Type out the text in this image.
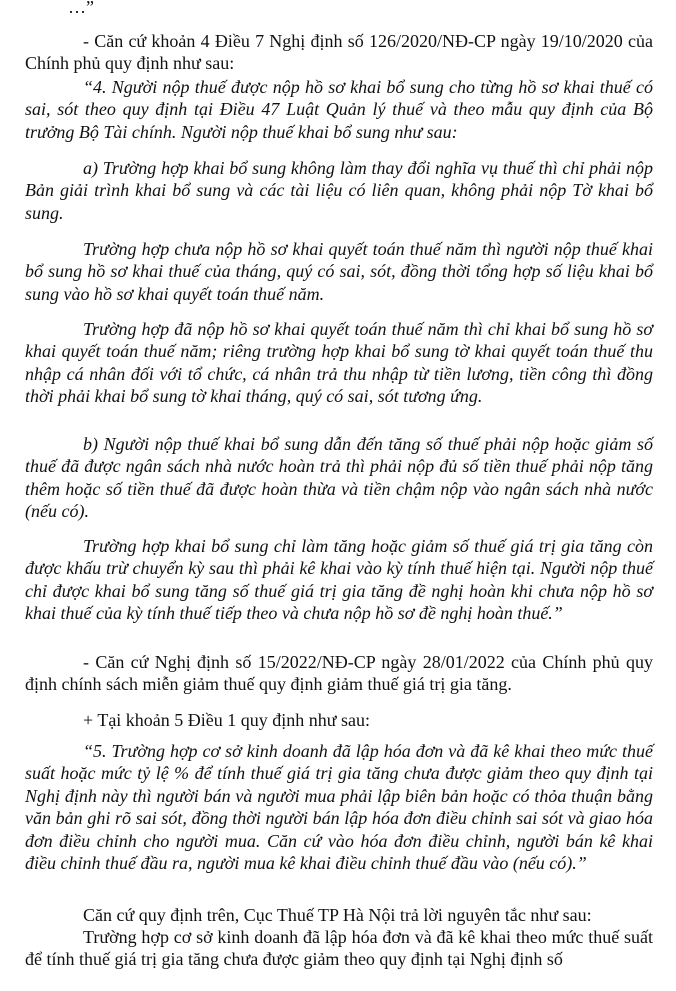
…”

- Căn cứ khoản 4 Điều 7 Nghị định số 126/2020/NĐ-CP ngày 19/10/2020 của Chính phủ quy định như sau:

“4. Người nộp thuế được nộp hồ sơ khai bổ sung cho từng hồ sơ khai thuế có sai, sót theo quy định tại Điều 47 Luật Quản lý thuế và theo mẫu quy định của Bộ trưởng Bộ Tài chính. Người nộp thuế khai bổ sung như sau:

a) Trường hợp khai bổ sung không làm thay đổi nghĩa vụ thuế thì chỉ phải nộp Bản giải trình khai bổ sung và các tài liệu có liên quan, không phải nộp Tờ khai bổ sung.

Trường hợp chưa nộp hồ sơ khai quyết toán thuế năm thì người nộp thuế khai bổ sung hồ sơ khai thuế của tháng, quý có sai, sót, đồng thời tổng hợp số liệu khai bổ sung vào hồ sơ khai quyết toán thuế năm.

Trường hợp đã nộp hồ sơ khai quyết toán thuế năm thì chỉ khai bổ sung hồ sơ khai quyết toán thuế năm; riêng trường hợp khai bổ sung tờ khai quyết toán thuế thu nhập cá nhân đối với tổ chức, cá nhân trả thu nhập từ tiền lương, tiền công thì đồng thời phải khai bổ sung tờ khai tháng, quý có sai, sót tương ứng.

b) Người nộp thuế khai bổ sung dẫn đến tăng số thuế phải nộp hoặc giảm số thuế đã được ngân sách nhà nước hoàn trả thì phải nộp đủ số tiền thuế phải nộp tăng thêm hoặc số tiền thuế đã được hoàn thừa và tiền chậm nộp vào ngân sách nhà nước (nếu có).

Trường hợp khai bổ sung chỉ làm tăng hoặc giảm số thuế giá trị gia tăng còn được khấu trừ chuyển kỳ sau thì phải kê khai vào kỳ tính thuế hiện tại. Người nộp thuế chỉ được khai bổ sung tăng số thuế giá trị gia tăng đề nghị hoàn khi chưa nộp hồ sơ khai thuế của kỳ tính thuế tiếp theo và chưa nộp hồ sơ đề nghị hoàn thuế.”

- Căn cứ Nghị định số 15/2022/NĐ-CP ngày 28/01/2022 của Chính phủ quy định chính sách miễn giảm thuế quy định giảm thuế giá trị gia tăng.

+ Tại khoản 5 Điều 1 quy định như sau:

“5. Trường hợp cơ sở kinh doanh đã lập hóa đơn và đã kê khai theo mức thuế suất hoặc mức tỷ lệ % để tính thuế giá trị gia tăng chưa được giảm theo quy định tại Nghị định này thì người bán và người mua phải lập biên bản hoặc có thỏa thuận bằng văn bản ghi rõ sai sót, đồng thời người bán lập hóa đơn điều chỉnh sai sót và giao hóa đơn điều chỉnh cho người mua. Căn cứ vào hóa đơn điều chỉnh, người bán kê khai điều chỉnh thuế đầu ra, người mua kê khai điều chỉnh thuế đầu vào (nếu có).”

Căn cứ quy định trên, Cục Thuế TP Hà Nội trả lời nguyên tắc như sau:

Trường hợp cơ sở kinh doanh đã lập hóa đơn và đã kê khai theo mức thuế suất để tính thuế giá trị gia tăng chưa được giảm theo quy định tại Nghị định số
